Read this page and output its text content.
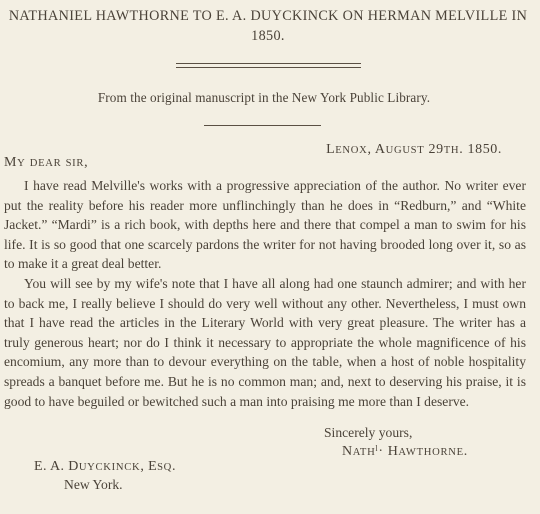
NATHANIEL HAWTHORNE TO E. A. DUYCKINCK ON HERMAN MELVILLE IN 1850.
From the original manuscript in the New York Public Library.
LENOX, AUGUST 29TH. 1850.
MY DEAR SIR,

I have read Melville's works with a progressive appreciation of the author. No writer ever put the reality before his reader more unflinchingly than he does in “Redburn,” and “White Jacket.” “Mardi” is a rich book, with depths here and there that compel a man to swim for his life. It is so good that one scarcely pardons the writer for not having brooded long over it, so as to make it a great deal better.

You will see by my wife's note that I have all along had one staunch admirer; and with her to back me, I really believe I should do very well without any other. Nevertheless, I must own that I have read the articles in the Literary World with very great pleasure. The writer has a truly generous heart; nor do I think it necessary to appropriate the whole magnificence of his encomium, any more than to devour everything on the table, when a host of noble hospitality spreads a banquet before me. But he is no common man; and, next to deserving his praise, it is good to have beguiled or bewitched such a man into praising me more than I deserve.

Sincerely yours,
NATHˡ· HAWTHORNE.
E. A. DUYCKINCK, ESQ.
New York.
